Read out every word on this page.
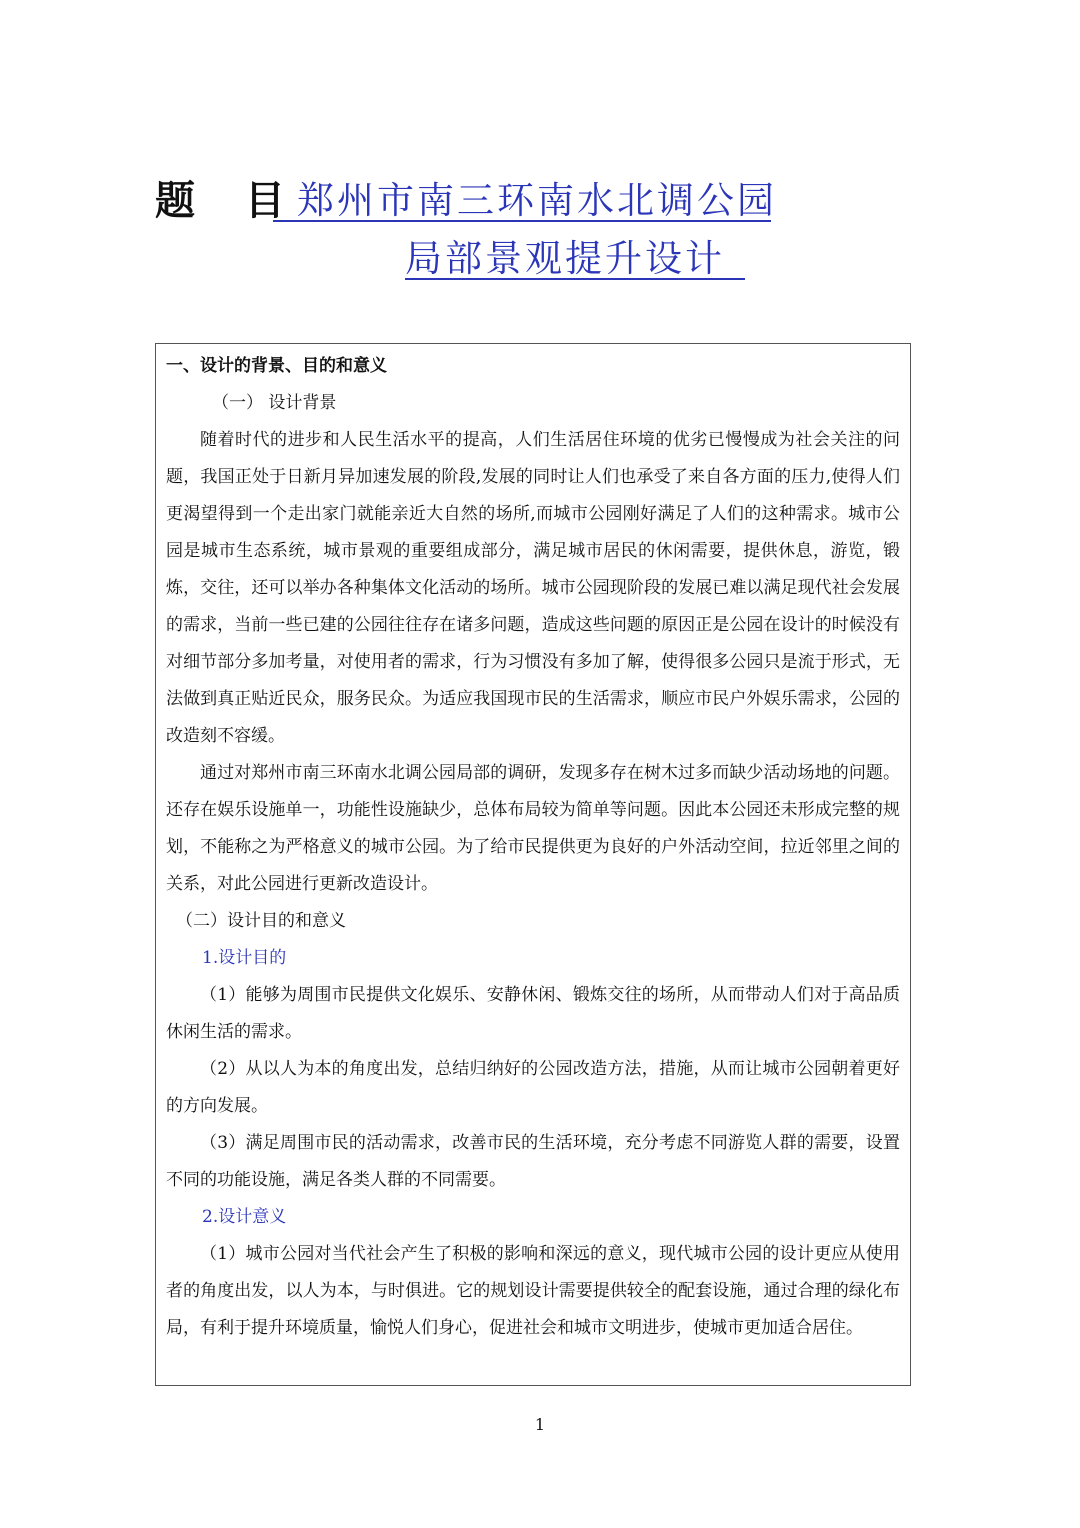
题 目
郑州市南三环南水北调公园
局部景观提升设计
一、设计的背景、目的和意义
（一） 设计背景

随着时代的进步和人民生活水平的提高，人们生活居住环境的优劣已慢慢成为社会关注的问题，我国正处于日新月异加速发展的阶段,发展的同时让人们也承受了来自各方面的压力,使得人们更渴望得到一个走出家门就能亲近大自然的场所,而城市公园刚好满足了人们的这种需求。城市公园是城市生态系统，城市景观的重要组成部分，满足城市居民的休闲需要，提供休息，游览，锻炼，交往，还可以举办各种集体文化活动的场所。城市公园现阶段的发展已难以满足现代社会发展的需求，当前一些已建的公园往往存在诸多问题，造成这些问题的原因正是公园在设计的时候没有对细节部分多加考量，对使用者的需求，行为习惯没有多加了解，使得很多公园只是流于形式，无法做到真正贴近民众，服务民众。为适应我国现市民的生活需求，顺应市民户外娱乐需求，公园的改造刻不容缓。

通过对郑州市南三环南水北调公园局部的调研，发现多存在树木过多而缺少活动场地的问题。还存在娱乐设施单一，功能性设施缺少，总体布局较为简单等问题。因此本公园还未形成完整的规划，不能称之为严格意义的城市公园。为了给市民提供更为良好的户外活动空间，拉近邻里之间的关系，对此公园进行更新改造设计。

（二）设计目的和意义
1.设计目的

（1）能够为周围市民提供文化娱乐、安静休闲、锻炼交往的场所，从而带动人们对于高品质休闲生活的需求。

（2）从以人为本的角度出发，总结归纳好的公园改造方法，措施，从而让城市公园朝着更好的方向发展。

（3）满足周围市民的活动需求，改善市民的生活环境，充分考虑不同游览人群的需要，设置不同的功能设施，满足各类人群的不同需要。

2.设计意义

（1）城市公园对当代社会产生了积极的影响和深远的意义，现代城市公园的设计更应从使用者的角度出发，以人为本，与时俱进。它的规划设计需要提供较全的配套设施，通过合理的绿化布局，有利于提升环境质量，愉悦人们身心，促进社会和城市文明进步，使城市更加适合居住。

1
